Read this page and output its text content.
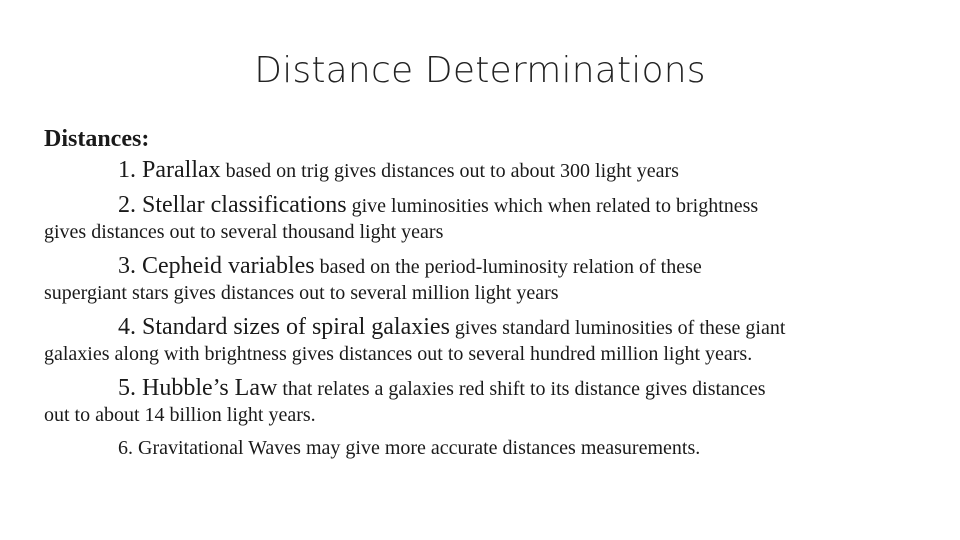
Distance Determinations
Distances:
1. Parallax based on trig gives distances out to about 300 light years
2. Stellar classifications give luminosities which when related to brightness
gives distances out to several thousand light years
3. Cepheid variables based on the period-luminosity relation of these
supergiant stars gives distances out to several million light years
4. Standard sizes of spiral galaxies gives standard luminosities of these giant
galaxies along with brightness gives distances out to several hundred million light years.
5. Hubble’s Law that relates a galaxies red shift to its distance gives distances
out to about 14 billion light years.
6. Gravitational Waves may give more accurate distances measurements.
